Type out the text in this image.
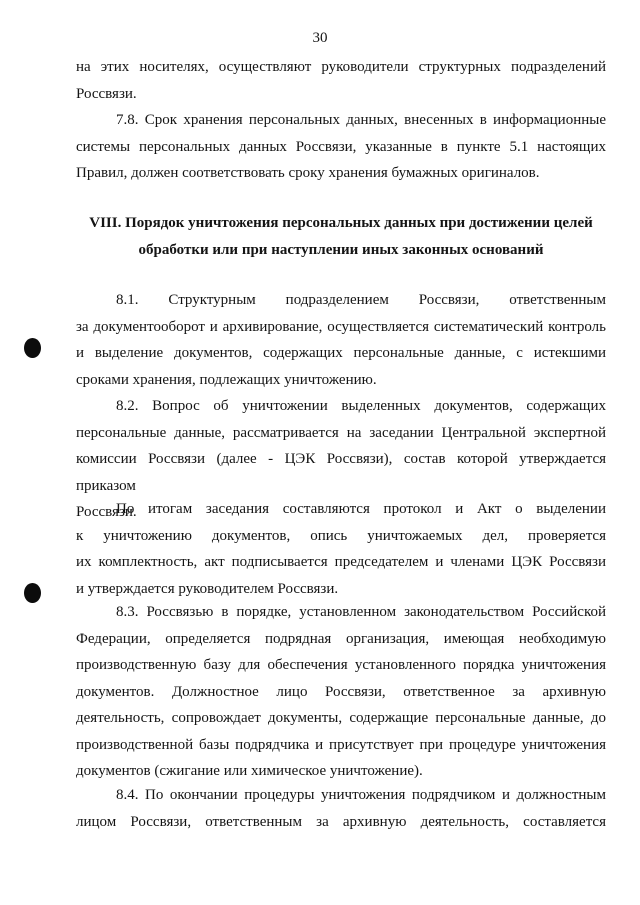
30
на этих носителях, осуществляют руководители структурных подразделений
Россвязи.
7.8. Срок хранения персональных данных, внесенных в информационные
системы персональных данных Россвязи, указанные в пункте 5.1 настоящих
Правил, должен соответствовать сроку хранения бумажных оригиналов.
VIII. Порядок уничтожения персональных данных при достижении целей
обработки или при наступлении иных законных оснований
8.1. Структурным подразделением Россвязи, ответственным
за документооборот и архивирование, осуществляется систематический контроль
и выделение документов, содержащих персональные данные, с истекшими
сроками хранения, подлежащих уничтожению.
8.2. Вопрос об уничтожении выделенных документов, содержащих
персональные данные, рассматривается на заседании Центральной экспертной
комиссии Россвязи (далее - ЦЭК Россвязи), состав которой утверждается приказом
Россвязи.
По итогам заседания составляются протокол и Акт о выделении
к уничтожению документов, опись уничтожаемых дел, проверяется
их комплектность, акт подписывается председателем и членами ЦЭК Россвязи
и утверждается руководителем Россвязи.
8.3. Россвязью в порядке, установленном законодательством Российской
Федерации, определяется подрядная организация, имеющая необходимую
производственную базу для обеспечения установленного порядка уничтожения
документов. Должностное лицо Россвязи, ответственное за архивную
деятельность, сопровождает документы, содержащие персональные данные, до
производственной базы подрядчика и присутствует при процедуре уничтожения
документов (сжигание или химическое уничтожение).
8.4. По окончании процедуры уничтожения подрядчиком и должностным
лицом Россвязи, ответственным за архивную деятельность, составляется
